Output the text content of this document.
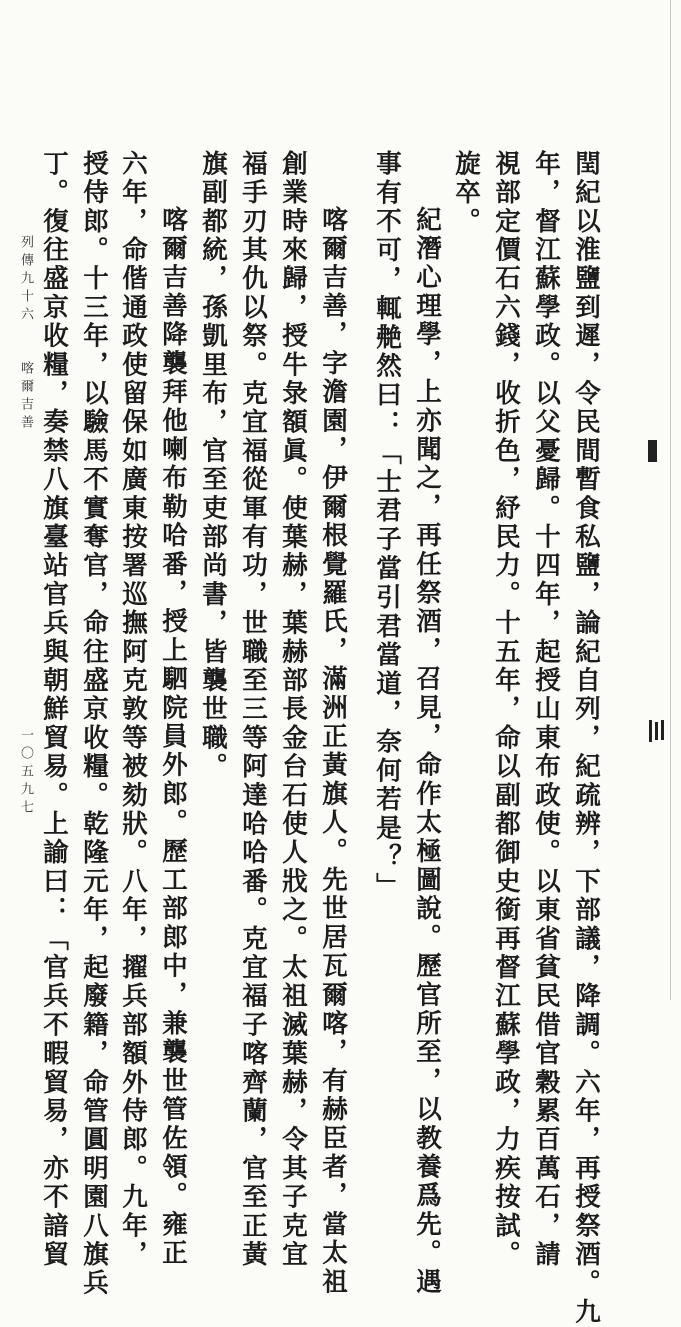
閏紀以淮鹽到遲，令民間暫食私鹽，論紀自列，紀疏辨，下部議，降調。六年，再授祭酒。九
年，督江蘇學政。以父憂歸。十四年，起授山東布政使。以東省貧民借官穀累百萬石，請
視部定價石六錢，收折色，紓民力。十五年，命以副都御史銜再督江蘇學政，力疾按試。
旋卒。
紀潛心理學，上亦聞之，再任祭酒，召見，命作太極圖說。歷官所至，以教養爲先。遇
事有不可，輒艴然曰：「士君子當引君當道，奈何若是？」
喀爾吉善，字澹園，伊爾根覺羅氏，滿洲正黃旗人。先世居瓦爾喀，有赫臣者，當太祖
創業時來歸，授牛彔額眞。使葉赫，葉赫部長金台石使人戕之。太祖滅葉赫，令其子克宜
福手刃其仇以祭。克宜福從軍有功，世職至三等阿達哈哈番。克宜福子喀齊蘭，官至正黃
旗副都統，孫凱里布，官至吏部尚書，皆襲世職。
喀爾吉善降襲拜他喇布勒哈番，授上駟院員外郎。歷工部郎中，兼襲世管佐領。雍正
六年，命偕通政使留保如廣東按署巡撫阿克敦等被劾狀。八年，擢兵部額外侍郎。九年，
授侍郎。十三年，以驗馬不實奪官，命往盛京收糧。乾隆元年，起廢籍，命管圓明園八旗兵
丁。復往盛京收糧，奏禁八旗臺站官兵與朝鮮貿易。上諭曰：「官兵不暇貿易，亦不諳貿
列傳九十六　　喀爾吉善
一〇五九七
